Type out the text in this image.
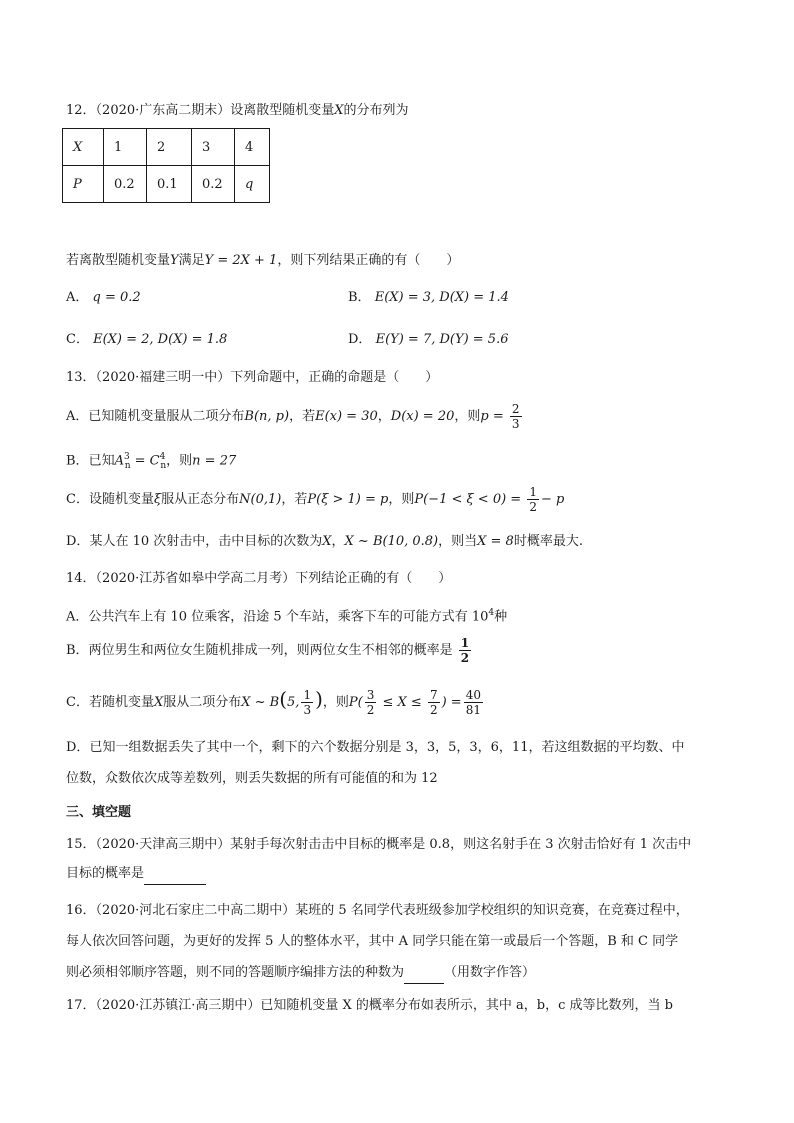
12．（2020·广东高二期末）设离散型随机变量X的分布列为
X	1	2	3	4
P	0.2	0.1	0.2	q
若离散型随机变量Y满足Y = 2X + 1，则下列结果正确的有（　　）
A． q = 0.2	B． E(X) = 3, D(X) = 1.4
C． E(X) = 2, D(X) = 1.8	D． E(Y) = 7, D(Y) = 5.6
13．（2020·福建三明一中）下列命题中，正确的命题是（　　）
A．已知随机变量服从二项分布B(n, p)，若E(x) = 30，D(x) = 20，则$p = \frac{2}{3}$
B．已知$A^3_n = C^4_n$，则n = 27
C．设随机变量ξ服从正态分布N(0,1)，若P(ξ > 1) = p，则$P(-1 < \xi < 0) = \frac{1}{2} - p$
D．某人在 10 次射击中，击中目标的次数为X，X ~ B(10, 0.8)，则当X = 8时概率最大.
14．（2020·江苏省如皋中学高二月考）下列结论正确的有（　　）
A．公共汽车上有 10 位乘客，沿途 5 个车站，乘客下车的可能方式有 $10^4$种
B．两位男生和两位女生随机排成一列，则两位女生不相邻的概率是 $\frac{1}{2}$
C．若随机变量X服从二项分布X ~ B(5, $\frac{1}{3}$ )，则$P( \frac{3}{2} \le X \le \frac{7}{2}$ ) = $\frac{40}{81}$
D．已知一组数据丢失了其中一个，剩下的六个数据分别是 3，3，5，3，6，11，若这组数据的平均数、中
位数，众数依次成等差数列，则丢失数据的所有可能值的和为 12
三、填空题
15．（2020·天津高三期中）某射手每次射击击中目标的概率是 0.8，则这名射手在 3 次射击恰好有 1 次击中
目标的概率是
16．（2020·河北石家庄二中高二期中）某班的 5 名同学代表班级参加学校组织的知识竞赛，在竞赛过程中，
每人依次回答问题，为更好的发挥 5 人的整体水平，其中 A 同学只能在第一或最后一个答题，B 和 C 同学
则必须相邻顺序答题，则不同的答题顺序编排方法的种数为	（用数字作答）
17．（2020·江苏镇江·高三期中）已知随机变量 X 的概率分布如表所示，其中 a，b，c 成等比数列，当 b
